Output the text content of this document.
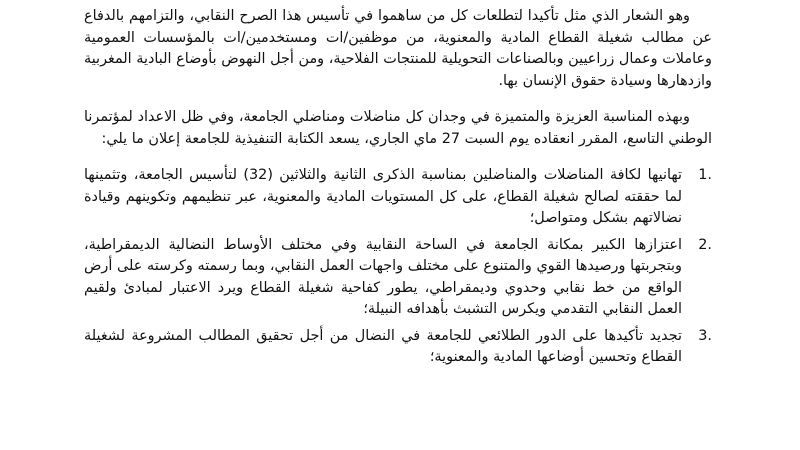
وهو الشعار الذي مثل تأكيدا لتطلعات كل من ساهموا في تأسيس هذا الصرح النقابي، والتزامهم بالدفاع عن مطالب شغيلة القطاع المادية والمعنوية، من موظفين/ات ومستخدمين/ات بالمؤسسات العمومية وعاملات وعمال زراعيين وبالصناعات التحويلية للمنتجات الفلاحية، ومن أجل النهوض بأوضاع البادية المغربية وازدهارها وسيادة حقوق الإنسان بها.

وبهذه المناسبة العزيزة والمتميزة في وجدان كل مناضلات ومناضلي الجامعة، وفي ظل الاعداد لمؤتمرنا الوطني التاسع، المقرر انعقاده يوم السبت 27 ماي الجاري، يسعد الكتابة التنفيذية للجامعة إعلان ما يلي:

1.
تهانيها لكافة المناضلات والمناضلين بمناسبة الذكرى الثانية والثلاثين (32) لتأسيس الجامعة، وتثمينها لما حققته لصالح شغيلة القطاع، على كل المستويات المادية والمعنوية، عبر تنظيمهم وتكوينهم وقيادة نضالاتهم بشكل ومتواصل؛
2.
اعتزازها الكبير بمكانة الجامعة في الساحة النقابية وفي مختلف الأوساط النضالية الديمقراطية، وبتجربتها ورصيدها القوي والمتنوع على مختلف واجهات العمل النقابي، وبما رسمته وكرسته على أرض الواقع من خط نقابي وحدوي وديمقراطي، يطور كفاحية شغيلة القطاع ويرد الاعتبار لمبادئ ولقيم العمل النقابي التقدمي ويكرس التشبث بأهدافه النبيلة؛
3.
تجديد تأكيدها على الدور الطلائعي للجامعة في النضال من أجل تحقيق المطالب المشروعة لشغيلة القطاع وتحسين أوضاعها المادية والمعنوية؛
